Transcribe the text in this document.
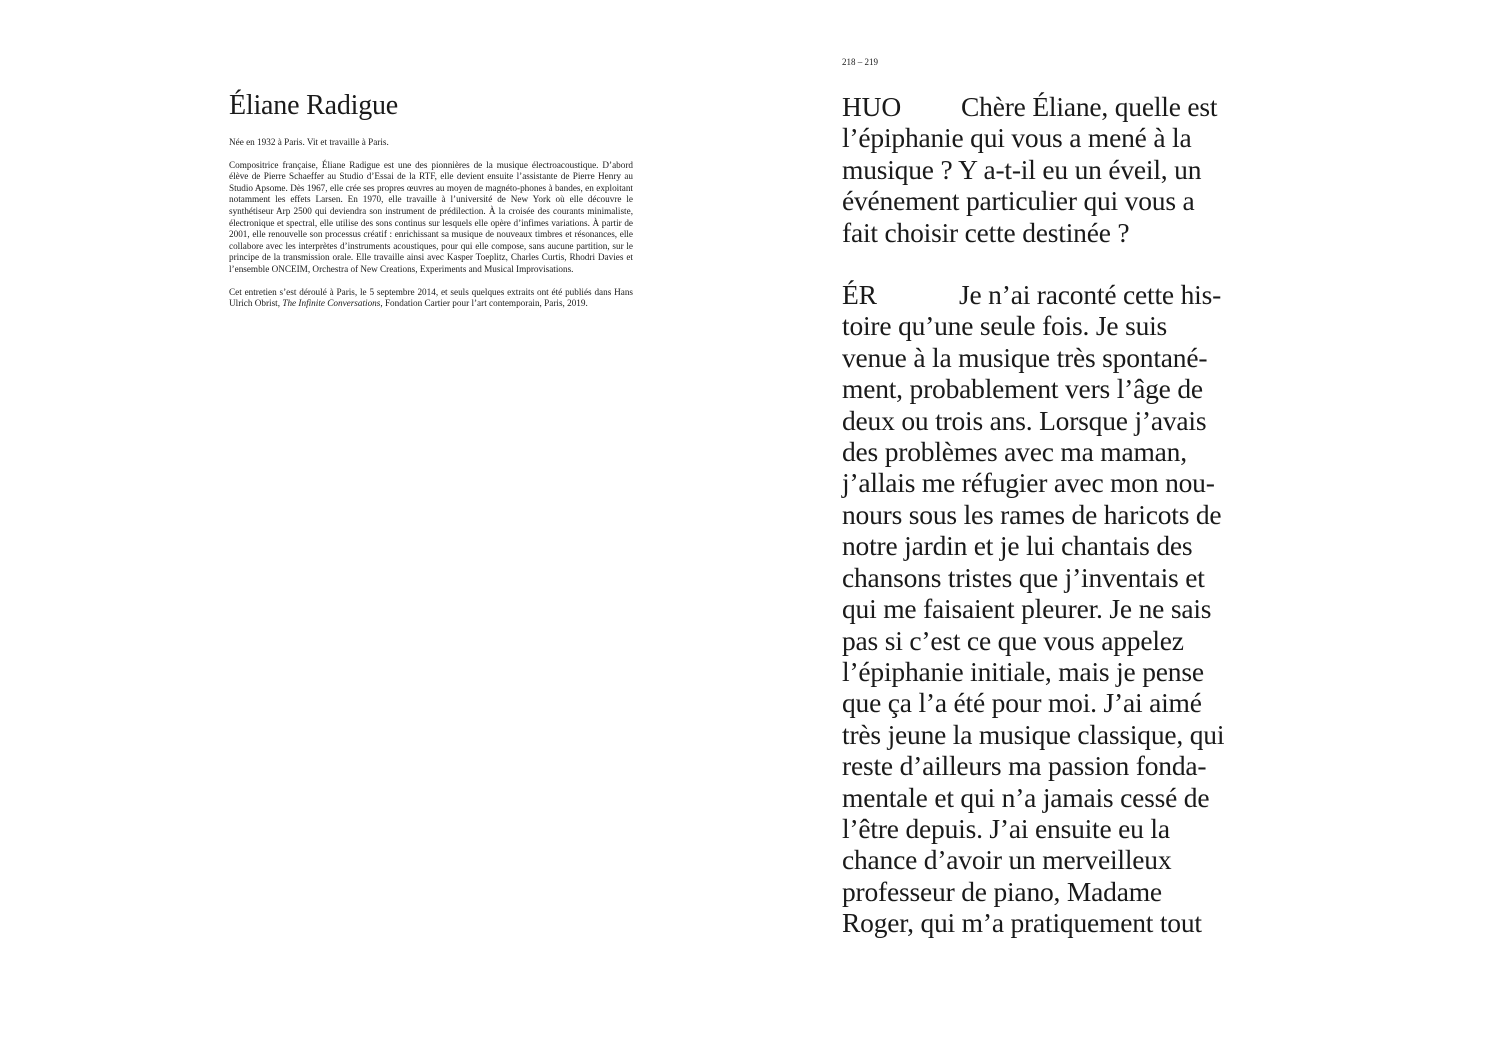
Éliane Radigue

Née en 1932 à Paris. Vit et travaille à Paris.

Compositrice française, Éliane Radigue est une des pionnières de la musique électroacoustique. D’abord élève de Pierre Schaeffer au Studio d’Essai de la RTF, elle devient ensuite l’assistante de Pierre Henry au Studio Apsome. Dès 1967, elle crée ses propres œuvres au moyen de magnéto-phones à bandes, en exploitant notamment les effets Larsen. En 1970, elle travaille à l’université de New York où elle découvre le synthétiseur Arp 2500 qui deviendra son instrument de prédilection. À la croisée des courants minimaliste, électronique et spectral, elle utilise des sons continus sur lesquels elle opère d’infimes variations. À partir de 2001, elle renouvelle son processus créatif : enrichissant sa musique de nouveaux timbres et résonances, elle collabore avec les interprètes d’instruments acoustiques, pour qui elle compose, sans aucune partition, sur le principe de la transmission orale. Elle travaille ainsi avec Kasper Toeplitz, Charles Curtis, Rhodri Davies et l’ensemble ONCEIM, Orchestra of New Creations, Experiments and Musical Improvisations.

Cet entretien s’est déroulé à Paris, le 5 septembre 2014, et seuls quelques extraits ont été publiés dans Hans Ulrich Obrist, The Infinite Conversations, Fondation Cartier pour l’art contemporain, Paris, 2019.

218 – 219
HUO Chère Éliane, quelle est
l’épiphanie qui vous a mené à la
musique ? Y a-t-il eu un éveil, un
événement particulier qui vous a
fait choisir cette destinée ?
ÉR	Je n’ai raconté cette his-
toire qu’une seule fois. Je suis
venue à la musique très spontané-
ment, probablement vers l’âge de
deux ou trois ans. Lorsque j’avais
des problèmes avec ma maman,
j’allais me réfugier avec mon nou-
nours sous les rames de haricots de
notre jardin et je lui chantais des
chansons tristes que j’inventais et
qui me faisaient pleurer. Je ne sais
pas si c’est ce que vous appelez
l’épiphanie initiale, mais je pense
que ça l’a été pour moi. J’ai aimé
très jeune la musique classique, qui
reste d’ailleurs ma passion fonda-
mentale et qui n’a jamais cessé de
l’être depuis. J’ai ensuite eu la
chance d’avoir un merveilleux
professeur de piano, Madame
Roger, qui m’a pratiquement tout
